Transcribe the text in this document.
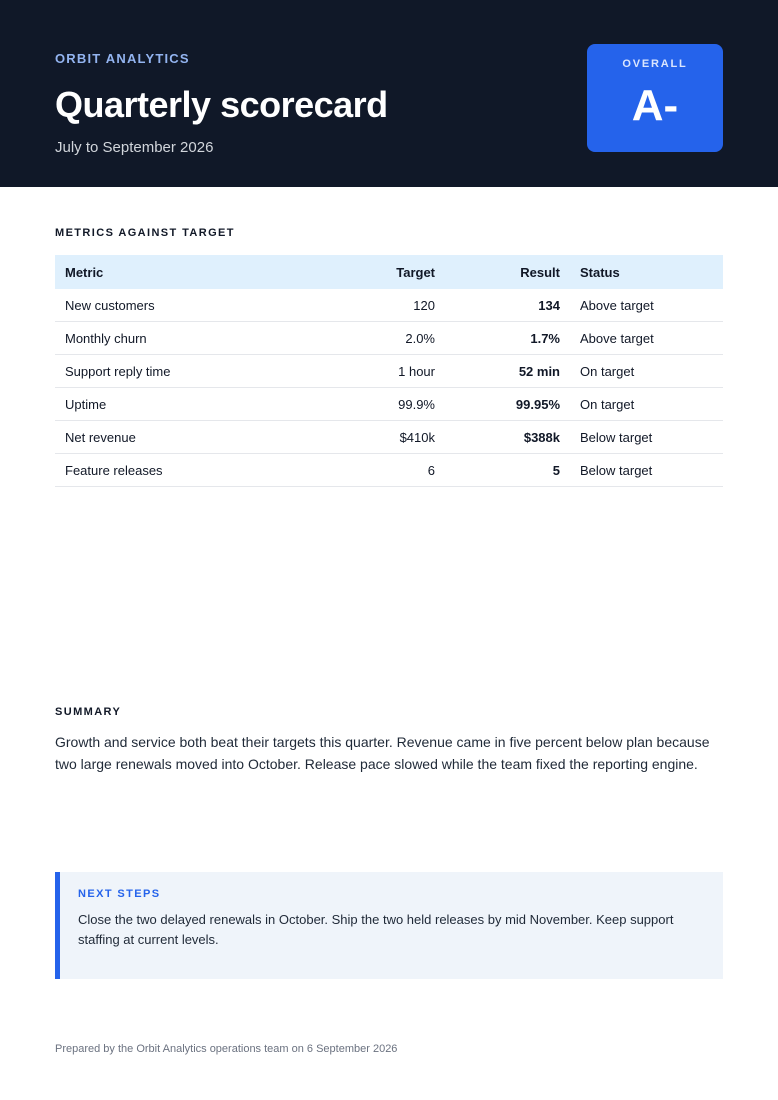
ORBIT ANALYTICS
Quarterly scorecard
July to September 2026
OVERALL
A-
METRICS AGAINST TARGET
Metric	Target	Result	Status
New customers	120	134	Above target
Monthly churn	2.0%	1.7%	Above target
Support reply time	1 hour	52 min	On target
Uptime	99.9%	99.95%	On target
Net revenue	$410k	$388k	Below target
Feature releases	6	5	Below target
SUMMARY
Growth and service both beat their targets this quarter. Revenue came in five percent below plan because two large renewals moved into October. Release pace slowed while the team fixed the reporting engine.
NEXT STEPS
Close the two delayed renewals in October. Ship the two held releases by mid November. Keep support staffing at current levels.
Prepared by the Orbit Analytics operations team on 6 September 2026
